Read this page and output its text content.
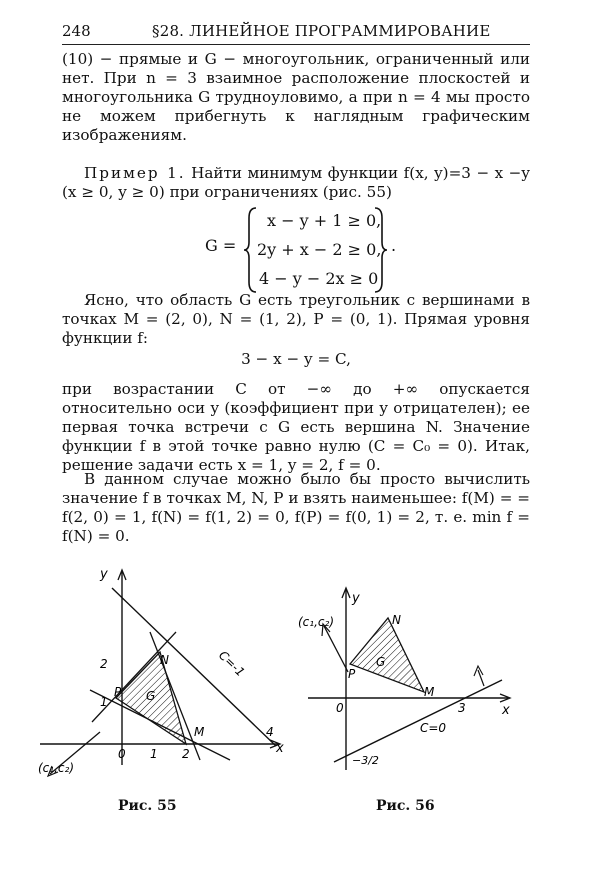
248	§28. ЛИНЕЙНОЕ ПРОГРАММИРОВАНИЕ

(10) − прямые и G − многоугольник, ограниченный или нет. При n = 3 взаимное расположение плоскостей и многоугольника G трудноуловимо, а при n = 4 мы просто не можем прибегнуть к наглядным графическим изображениям.

Пример 1. Найти минимум функции f(x, y)=3 − x −y (x ≥ 0, y ≥ 0) при ограничениях (рис. 55)

G =
x − y + 1 ≥ 0,
2y + x − 2 ≥ 0,
4 − y − 2x ≥ 0
.

Ясно, что область G есть треугольник с вершинами в точках M = (2, 0), N = (1, 2), P = (0, 1). Прямая уровня функции f:

3 − x − y = C,

при возрастании C от −∞ до +∞ опускается относительно оси y (коэффициент при y отрицателен); ее первая точка встречи с G есть вершина N. Значение функции f в этой точке равно нулю (C = C₀ = 0). Итак, решение задачи есть x = 1, y = 2, f = 0.

В данном случае можно было бы просто вычислить значение f в точках M, N, P и взять наименьшее: f(M) = = f(2, 0) = 1, f(N) = f(1, 2) = 0, f(P) = f(0, 1) = 2, т. е. min f = f(N) = 0.

y
x
2
1
0 1 2
4
N
P G
M
C=-1
(c₁,c₂)
Рис. 55
y
x
N
P
G
M
0	3
C=0
(c₁,c₂)
−3/2
Рис. 56
